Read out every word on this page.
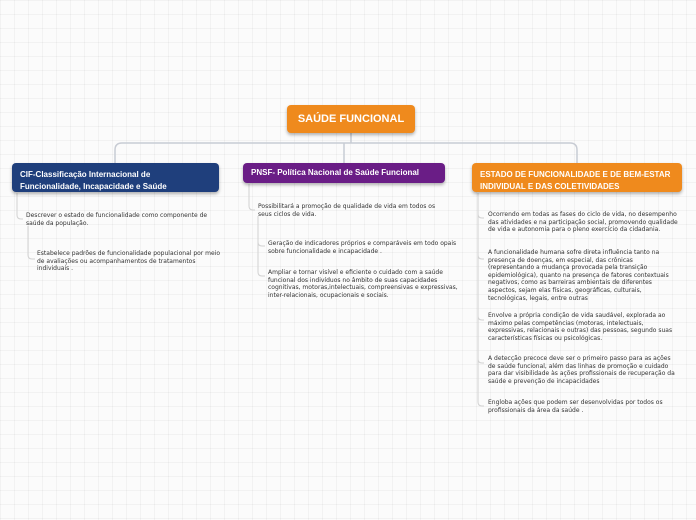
SAÚDE FUNCIONAL
CIF-Classificação Internacional de Funcionalidade, Incapacidade e Saúde
PNSF- Política Nacional de Saúde Funcional	ESTADO DE FUNCIONALIDADE E DE BEM-ESTAR INDIVIDUAL E DAS COLETIVIDADES

Descrever o estado de funcionalidade como componente de saúde da população.

Estabelece padrões de funcionalidade populacional por meio de avaliações ou acompanhamentos de tratamentos individuais .

Possibilitará a promoção de qualidade de vida em todos os seus ciclos de vida.

Geração de indicadores próprios e comparáveis em todo opais sobre funcionalidade e incapacidade .

Ampliar e tornar visível e eficiente o cuidado com a saúde funcional dos indivíduos no âmbito de suas capacidades cognitivas, motoras,intelectuais, compreensivas e expressivas, inter-relacionais, ocupacionais e sociais.

Ocorrendo em todas as fases do ciclo de vida, no desempenho das atividades e na participação social, promovendo qualidade de vida e autonomia para o pleno exercício da cidadania.

A funcionalidade humana sofre direta influência tanto na presença de doenças, em especial, das crônicas (representando a mudança provocada pela transição epidemiológica), quanto na presença de fatores contextuais negativos, como as barreiras ambientais de diferentes aspectos, sejam elas físicas, geográficas, culturais, tecnológicas, legais, entre outras

Envolve a própria condição de vida saudável, explorada ao máximo pelas competências (motoras, intelectuais, expressivas, relacionais e outras) das pessoas, segundo suas características físicas ou psicológicas.

A detecção precoce deve ser o primeiro passo para as ações de saúde funcional, além das linhas de promoção e cuidado para dar visibilidade às ações profissionais de recuperação da saúde e prevenção de incapacidades

Engloba ações que podem ser desenvolvidas por todos os profissionais da área da saúde .
